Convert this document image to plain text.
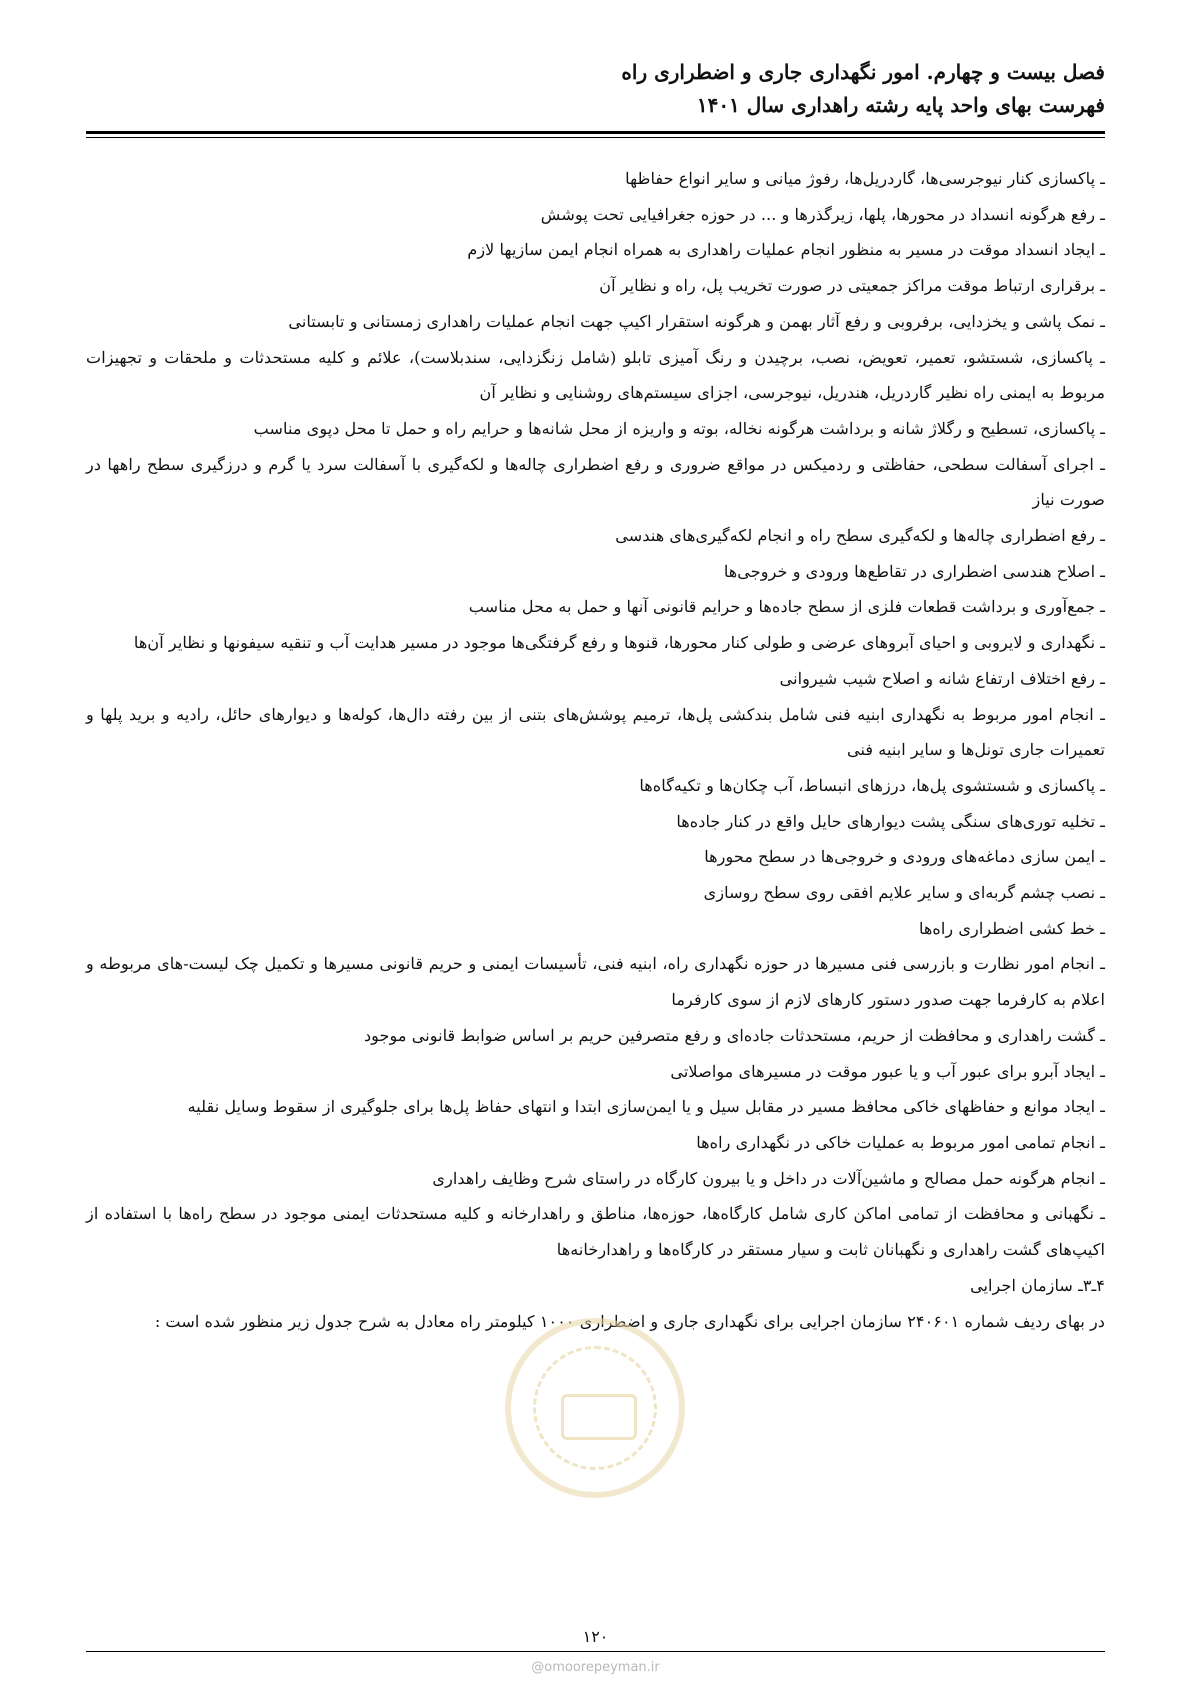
فصل بیست و چهارم. امور نگهداری جاری و اضطراری راه
فهرست بهای واحد پایه رشته راهداری سال ۱۴۰۱

ـ پاکسازی کنار نیوجرسی‌ها، گاردریل‌ها، رفوژ میانی و سایر انواع حفاظها

ـ رفع هرگونه انسداد در محورها، پلها، زیرگذرها و ... در حوزه جغرافیایی تحت پوشش

ـ ایجاد انسداد موقت در مسیر به منظور انجام عملیات راهداری به همراه انجام ایمن سازیها لازم

ـ برقراری ارتباط موقت مراکز جمعیتی در صورت تخریب پل، راه و نظایر آن

ـ نمک پاشی و یخزدایی، برفروبی و رفع آثار بهمن و هرگونه استقرار اکیپ جهت انجام عملیات راهداری زمستانی و تابستانی

ـ پاکسازی، شستشو، تعمیر، تعویض، نصب، برچیدن و رنگ آمیزی تابلو (شامل زنگزدایی، سندبلاست)، علائم و کلیه مستحدثات و ملحقات و تجهیزات مربوط به ایمنی راه نظیر گاردریل، هندریل، نیوجرسی، اجزای سیستم‌های روشنایی و نظایر آن

ـ پاکسازی، تسطیح و رگلاژ شانه و برداشت هرگونه نخاله، بوته و واریزه از محل شانه‌ها و حرایم راه و حمل تا محل دپوی مناسب

ـ اجرای آسفالت سطحی، حفاظتی و ردمیکس در مواقع ضروری و رفع اضطراری چاله‌ها و لکه‌گیری با آسفالت سرد یا گرم و درزگیری سطح راهها در صورت نیاز

ـ رفع اضطراری چاله‌ها و لکه‌گیری سطح راه و انجام لکه‌گیری‌های هندسی

ـ اصلاح هندسی اضطراری در تقاطع‌ها ورودی و خروجی‌ها

ـ جمع‌آوری و برداشت قطعات فلزی از سطح جاده‌ها و حرایم قانونی آنها و حمل به محل مناسب

ـ نگهداری و لایروبی و احیای آبروهای عرضی و طولی کنار محورها، قنوها و رفع گرفتگی‌ها موجود در مسیر هدایت آب و تنقیه سیفونها و نظایر آن‌ها

ـ رفع اختلاف ارتفاع شانه و اصلاح شیب شیروانی

ـ انجام امور مربوط به نگهداری ابنیه فنی شامل بندکشی پل‌ها، ترمیم پوشش‌های بتنی از بین رفته دال‌ها، کوله‌ها و دیوارهای حائل، رادیه و برید پلها و تعمیرات جاری تونل‌ها و سایر ابنیه فنی

ـ پاکسازی و شستشوی پل‌ها، درزهای انبساط، آب چکان‌ها و تکیه‌گاه‌ها

ـ تخلیه توری‌های سنگی پشت دیوارهای حایل واقع در کنار جاده‌ها

ـ ایمن سازی دماغه‌های ورودی و خروجی‌ها در سطح محورها

ـ نصب چشم گربه‌ای و سایر علایم افقی روی سطح روسازی

ـ خط کشی اضطراری راه‌ها

ـ انجام امور نظارت و بازرسی فنی مسیرها در حوزه نگهداری راه، ابنیه فنی، تأسیسات ایمنی و حریم قانونی مسیرها و تکمیل چک لیست-های مربوطه و اعلام به کارفرما جهت صدور دستور کارهای لازم از سوی کارفرما

ـ گشت راهداری و محافظت از حریم، مستحدثات جاده‌ای و رفع متصرفین حریم بر اساس ضوابط قانونی موجود

ـ ایجاد آبرو برای عبور آب و یا عبور موقت در مسیرهای مواصلاتی

ـ ایجاد موانع و حفاظهای خاکی محافظ مسیر در مقابل سیل و یا ایمن‌سازی ابتدا و انتهای حفاظ پل‌ها برای جلوگیری از سقوط وسایل نقلیه

ـ انجام تمامی امور مربوط به عملیات خاکی در نگهداری راه‌ها

ـ انجام هرگونه حمل مصالح و ماشین‌آلات در داخل و یا بیرون کارگاه در راستای شرح وظایف راهداری

ـ نگهبانی و محافظت از تمامی اماکن کاری شامل کارگاه‌ها، حوزه‌ها، مناطق و راهدارخانه و کلیه مستحدثات ایمنی موجود در سطح راه‌ها با استفاده از اکیپ‌های گشت راهداری و نگهبانان ثابت و سیار مستقر در کارگاه‌ها و راهدارخانه‌ها

۴ـ۳ـ سازمان اجرایی

در بهای ردیف شماره ۲۴۰۶۰۱ سازمان اجرایی برای نگهداری جاری و اضطراری ۱۰۰۰ کیلومتر راه معادل به شرح جدول زیر منظور شده است :

۱۲۰
@omoorepeyman.ir
